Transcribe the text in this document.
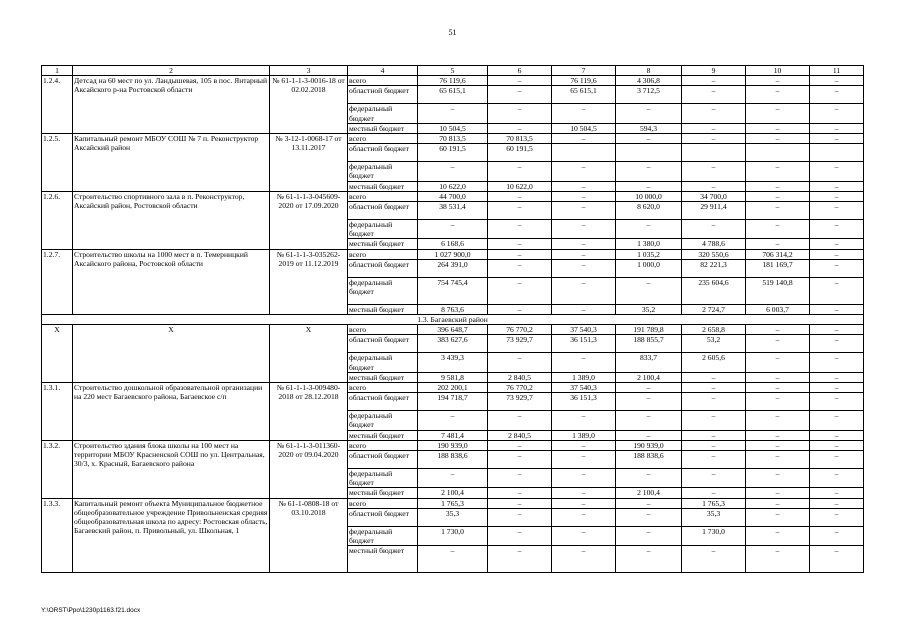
51
1	2	3	4	5	6	7	8	9	10	11
1.2.4.	Детсад на 60 мест по ул. Ландышевая, 105 в пос. Янтарный Аксайского р-на Ростовской области	№ 61-1-1-3-0016-18 от 02.02.2018	всего	76 119,6	–	76 119,6	4 306,8	–	–	–
			областной бюджет	65 615,1	–	65 615,1	3 712,5	–	–	–
			федеральный бюджет	–	–	–	–	–	–	–
			местный бюджет	10 504,5	–	10 504,5	594,3	–	–	–
1.2.5.	Капитальный ремонт МБОУ СОШ № 7 п. Реконструктор Аксайский район	№ 3-12-1-0068-17 от 13.11.2017	всего	70 813,5	70 813,5	–	–	–	–	–
			областной бюджет	60 191,5	60 191,5					
			федеральный бюджет	–	–	–	–	–	–	–
			местный бюджет	10 622,0	10 622,0	–	–	–	–	–
1.2.6.	Строительство спортивного зала в п. Реконструктор, Аксайский район, Ростовской области	№ 61-1-1-3-045609-2020 от 17.09.2020	всего	44 700,0	–	–	10 000,0	34 700,0	–	–
			областной бюджет	38 531,4	–	–	8 620,0	29 911,4	–	–
			федеральный бюджет	–	–	–	–	–	–	–
			местный бюджет	6 168,6	–	–	1 380,0	4 788,6	–	–
1.2.7.	Строительство школы на 1000 мест в п. Темерницкий Аксайского района, Ростовской области	№ 61-1-1-3-035262-2019 от 11.12.2019	всего	1 027 900,0	–	–	1 035,2	320 550,6	706 314,2	–
			областной бюджет	264 391,0	–	–	1 000,0	82 221,3	181 169,7	–
			федеральный бюджет	754 745,4	–	–	–	235 604,6	519 140,8	–
			местный бюджет	8 763,6	–	–	35,2	2 724,7	6 003,7	–
1.3. Багаевский район										
Х	Х	Х	всего	396 648,7	76 770,2	37 540,3	191 789,8	2 658,8	–	–
			областной бюджет	383 627,6	73 929,7	36 151,3	188 855,7	53,2	–	–
			федеральный бюджет	3 439,3	–	–	833,7	2 605,6	–	–
			местный бюджет	9 581,8	2 840,5	1 389,0	2 100,4	–	–	–
1.3.1.	Строительство дошкольной образовательной организации на 220 мест Багаевского района, Багаевское с/п	№ 61-1-1-3-009480-2018 от 28.12.2018	всего	202 200,1	76 770,2	37 540,3	–	–	–	–
			областной бюджет	194 718,7	73 929,7	36 151,3	–	–	–	–
			федеральный бюджет	–	–	–	–	–	–	–
			местный бюджет	7 481,4	2 840,5	1 389,0	–	–	–	–
1.3.2.	Строительство здания блока школы на 100 мест на территории МБОУ Красненской СОШ по ул. Центральная, 30/3, х. Красный, Багаевского района	№ 61-1-1-3-011360-2020 от 09.04.2020	всего	190 939,0	–	–	190 939,0	–	–	–
			областной бюджет	188 838,6	–	–	188 838,6	–	–	–
			федеральный бюджет	–	–	–	–	–	–	–
			местный бюджет	2 100,4	–	–	2 100,4	–	–	–
1.3.3.	Капитальный ремонт объекта Муниципальное бюджетное общеобразовательное учреждение Привольненская средняя общеобразовательная школа по адресу: Ростовская область, Багаевский район, п. Привольный, ул. Школьная, 1	№ 61-1-0808-18 от 03.10.2018	всего	1 765,3	–	–	–	1 765,3	–	–
			областной бюджет	35,3	–	–	–	35,3	–	–
			федеральный бюджет	1 730,0	–	–	–	1 730,0	–	–
			местный бюджет	–	–	–	–	–	–	–
Y:\ORST\Ppo\1230p1163.f21.docx
